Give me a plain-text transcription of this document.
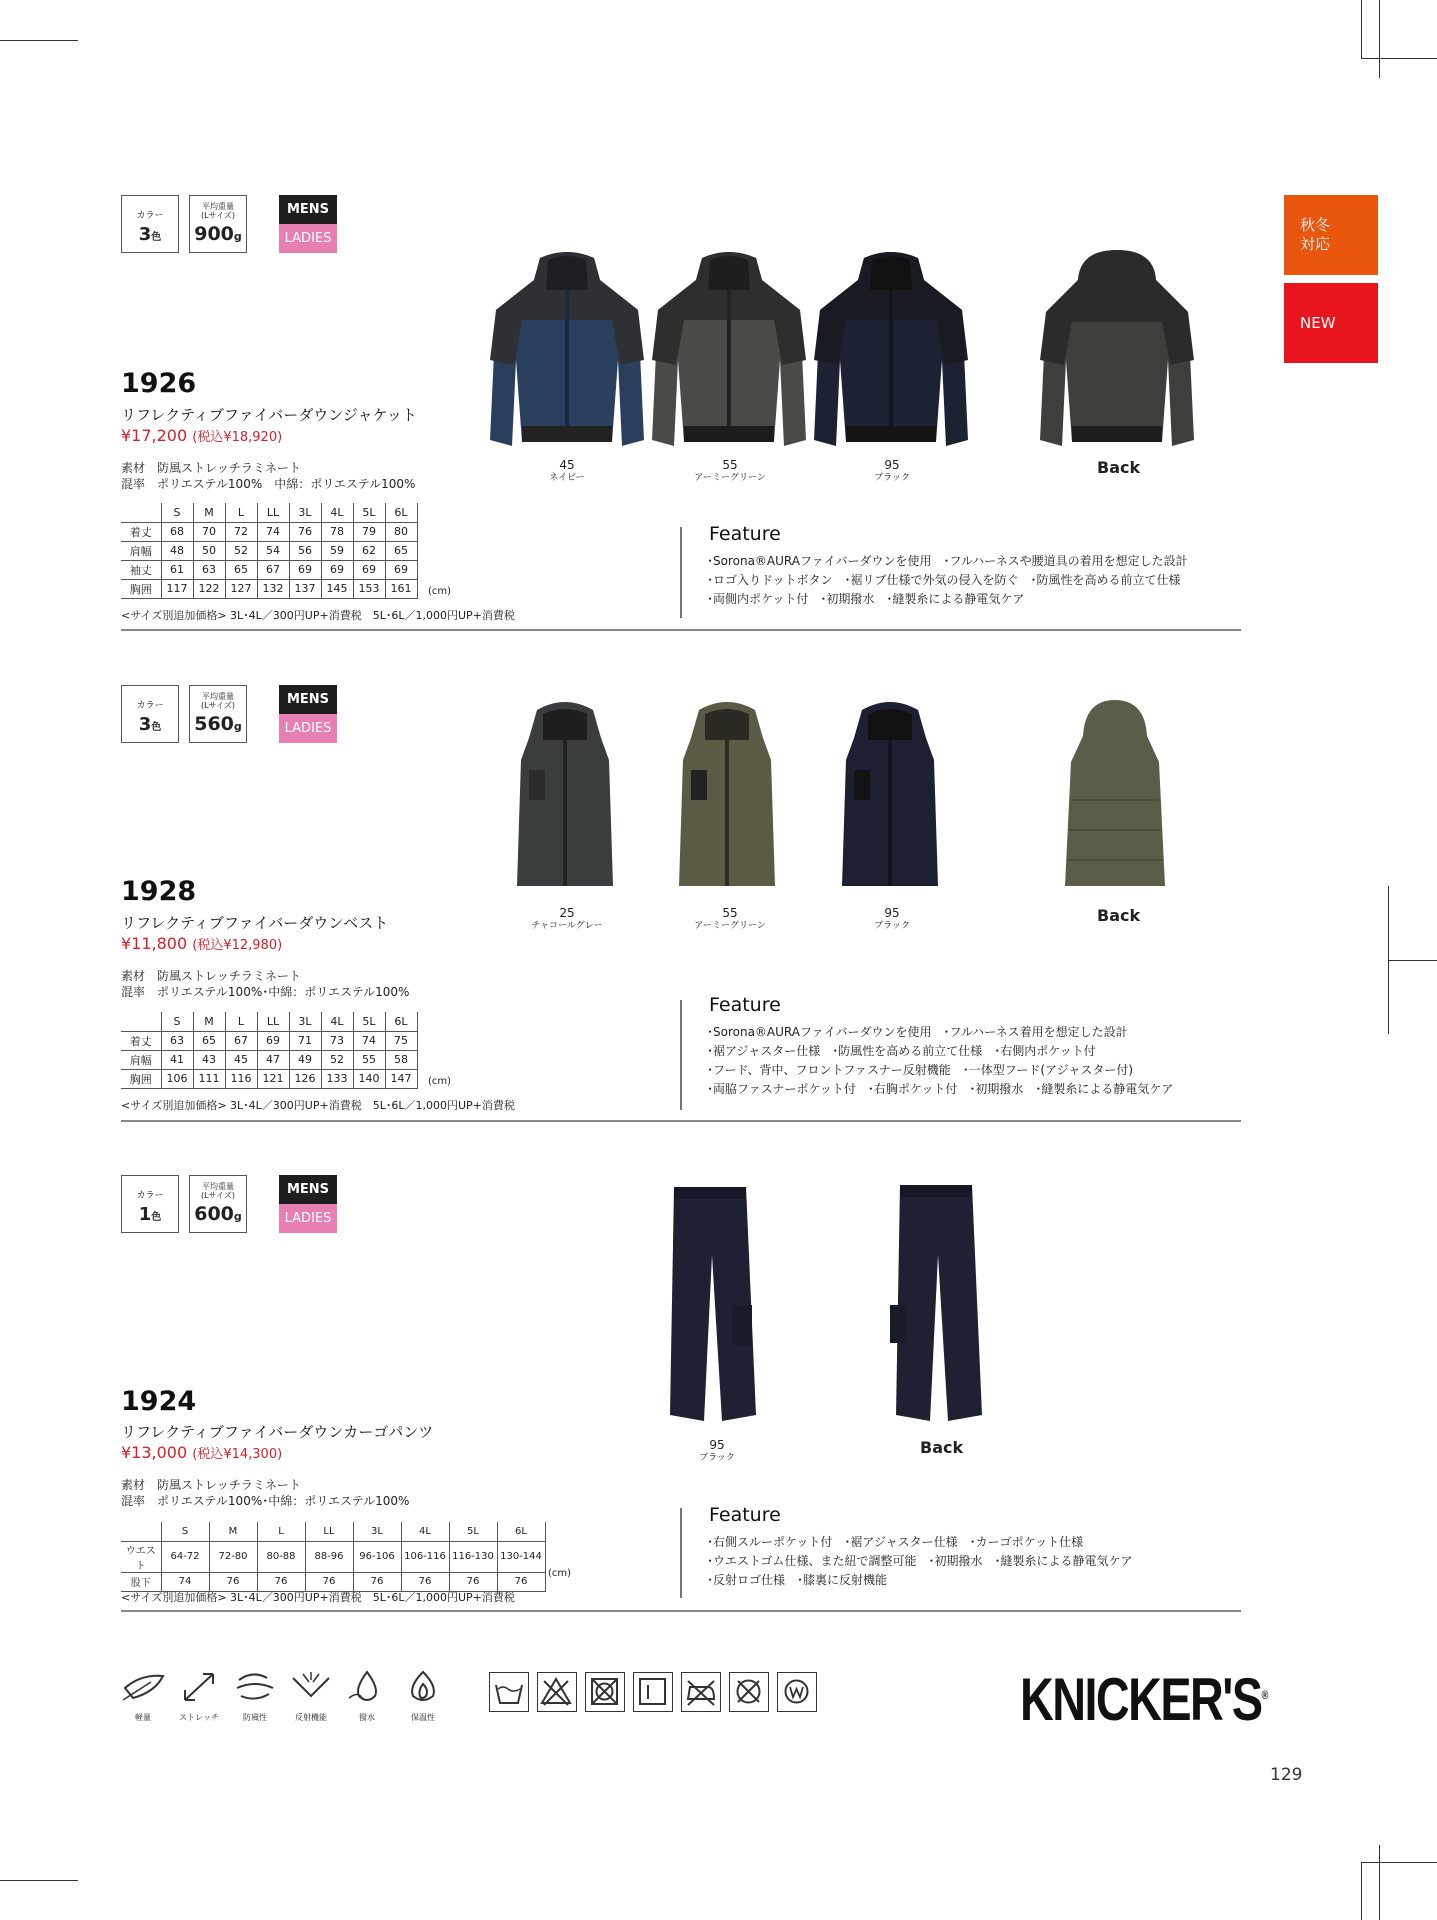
秋冬
対応
NEW
カラー
3色
平均重量
(Lサイズ)
900g
MENS
LADIES
1926
リフレクティブファイバーダウンジャケット
¥17,200 (税込¥18,920)
素材 防風ストレッチラミネート
混率 ポリエステル100%　中綿：ポリエステル100%
	S	M	L	LL	3L	4L	5L	6L
着丈	68	70	72	74	76	78	79	80
肩幅	48	50	52	54	56	59	62	65
袖丈	61	63	65	67	69	69	69	69
胸囲	117	122	127	132	137	145	153	161 (cm)
<サイズ別追加価格> 3L･4L／300円UP+消費税　5L･6L／1,000円UP+消費税
45
ネイビー
55
アーミーグリーン
95
ブラック
Back
Feature
･Sorona®AURAファイバーダウンを使用　･フルハーネスや腰道具の着用を想定した設計
･ロゴ入りドットボタン　･裾リブ仕様で外気の侵入を防ぐ　･防風性を高める前立て仕様
･両側内ポケット付　･初期撥水　･縫製糸による静電気ケア
カラー
3色
平均重量
(Lサイズ)
560g
MENS
LADIES
1928
リフレクティブファイバーダウンベスト
¥11,800 (税込¥12,980)
素材 防風ストレッチラミネート
混率 ポリエステル100%･中綿：ポリエステル100%
	S	M	L	LL	3L	4L	5L	6L
着丈	63	65	67	69	71	73	74	75
肩幅	41	43	45	47	49	52	55	58
胸囲	106	111	116	121	126	133	140	147 (cm)
<サイズ別追加価格> 3L･4L／300円UP+消費税　5L･6L／1,000円UP+消費税
25
チャコールグレー
55
アーミーグリーン
95
ブラック
Back
Feature
･Sorona®AURAファイバーダウンを使用　･フルハーネス着用を想定した設計
･裾アジャスター仕様　･防風性を高める前立て仕様　･右側内ポケット付
･フード、背中、フロントファスナー反射機能　･一体型フード(アジャスター付)
･両脇ファスナーポケット付　･右胸ポケット付　･初期撥水　･縫製糸による静電気ケア
カラー
1色
平均重量
(Lサイズ)
600g
MENS
LADIES
1924
リフレクティブファイバーダウンカーゴパンツ
¥13,000 (税込¥14,300)
素材 防風ストレッチラミネート
混率 ポリエステル100%･中綿：ポリエステル100%
	S	M	L	LL	3L	4L	5L	6L
ウエスト	64-72	72-80	80-88	88-96	96-106	106-116	116-130	130-144
股下	74	76	76	76	76	76	76	76
(cm)
<サイズ別追加価格> 3L･4L／300円UP+消費税　5L･6L／1,000円UP+消費税
95
ブラック
Back
Feature
･右側スルーポケット付　･裾アジャスター仕様　･カーゴポケット仕様
･ウエストゴム仕様、また紐で調整可能　･初期撥水　･縫製糸による静電気ケア
･反射ロゴ仕様　･膝裏に反射機能
軽量	ストレッチ	防風性	反射機能	撥水	保温性	KNICKER'S®
129
